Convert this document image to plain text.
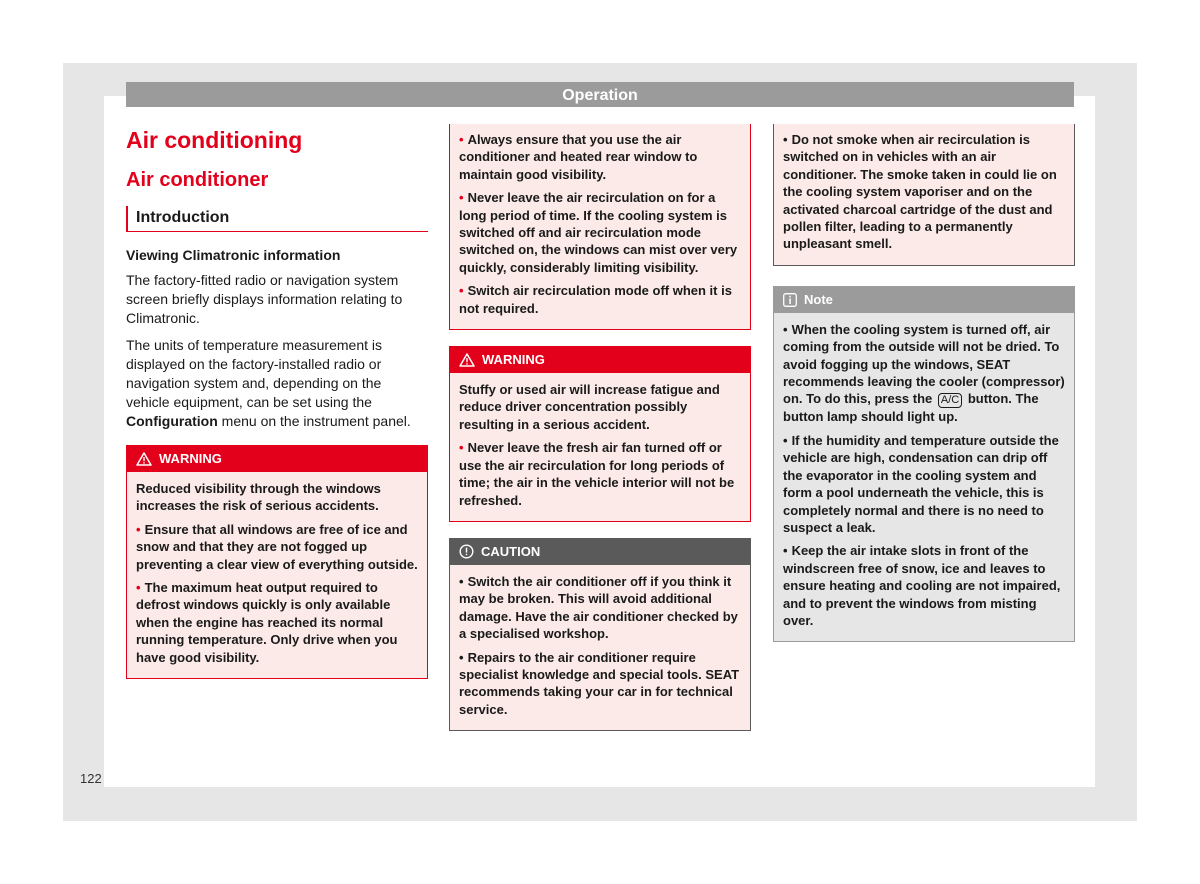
Operation
Air conditioning
Air conditioner
Introduction
Viewing Climatronic information

The factory-fitted radio or navigation system screen briefly displays information relating to Climatronic.

The units of temperature measurement is displayed on the factory-installed radio or navigation system and, depending on the vehicle equipment, can be set using the Configuration menu on the instrument panel.

WARNING

Reduced visibility through the windows increases the risk of serious accidents.

• Ensure that all windows are free of ice and snow and that they are not fogged up preventing a clear view of everything outside.

• The maximum heat output required to defrost windows quickly is only available when the engine has reached its normal running temperature. Only drive when you have good visibility.

• Always ensure that you use the air conditioner and heated rear window to maintain good visibility.

• Never leave the air recirculation on for a long period of time. If the cooling system is switched off and air recirculation mode switched on, the windows can mist over very quickly, considerably limiting visibility.

• Switch air recirculation mode off when it is not required.

WARNING

Stuffy or used air will increase fatigue and reduce driver concentration possibly resulting in a serious accident.

• Never leave the fresh air fan turned off or use the air recirculation for long periods of time; the air in the vehicle interior will not be refreshed.

CAUTION

• Switch the air conditioner off if you think it may be broken. This will avoid additional damage. Have the air conditioner checked by a specialised workshop.

• Repairs to the air conditioner require specialist knowledge and special tools. SEAT recommends taking your car in for technical service.

• Do not smoke when air recirculation is switched on in vehicles with an air conditioner. The smoke taken in could lie on the cooling system vaporiser and on the activated charcoal cartridge of the dust and pollen filter, leading to a permanently unpleasant smell.

Note

• When the cooling system is turned off, air coming from the outside will not be dried. To avoid fogging up the windows, SEAT recommends leaving the cooler (compressor) on. To do this, press the A/C button. The button lamp should light up.

• If the humidity and temperature outside the vehicle are high, condensation can drip off the evaporator in the cooling system and form a pool underneath the vehicle, this is completely normal and there is no need to suspect a leak.

• Keep the air intake slots in front of the windscreen free of snow, ice and leaves to ensure heating and cooling are not impaired, and to prevent the windows from misting over.

122
